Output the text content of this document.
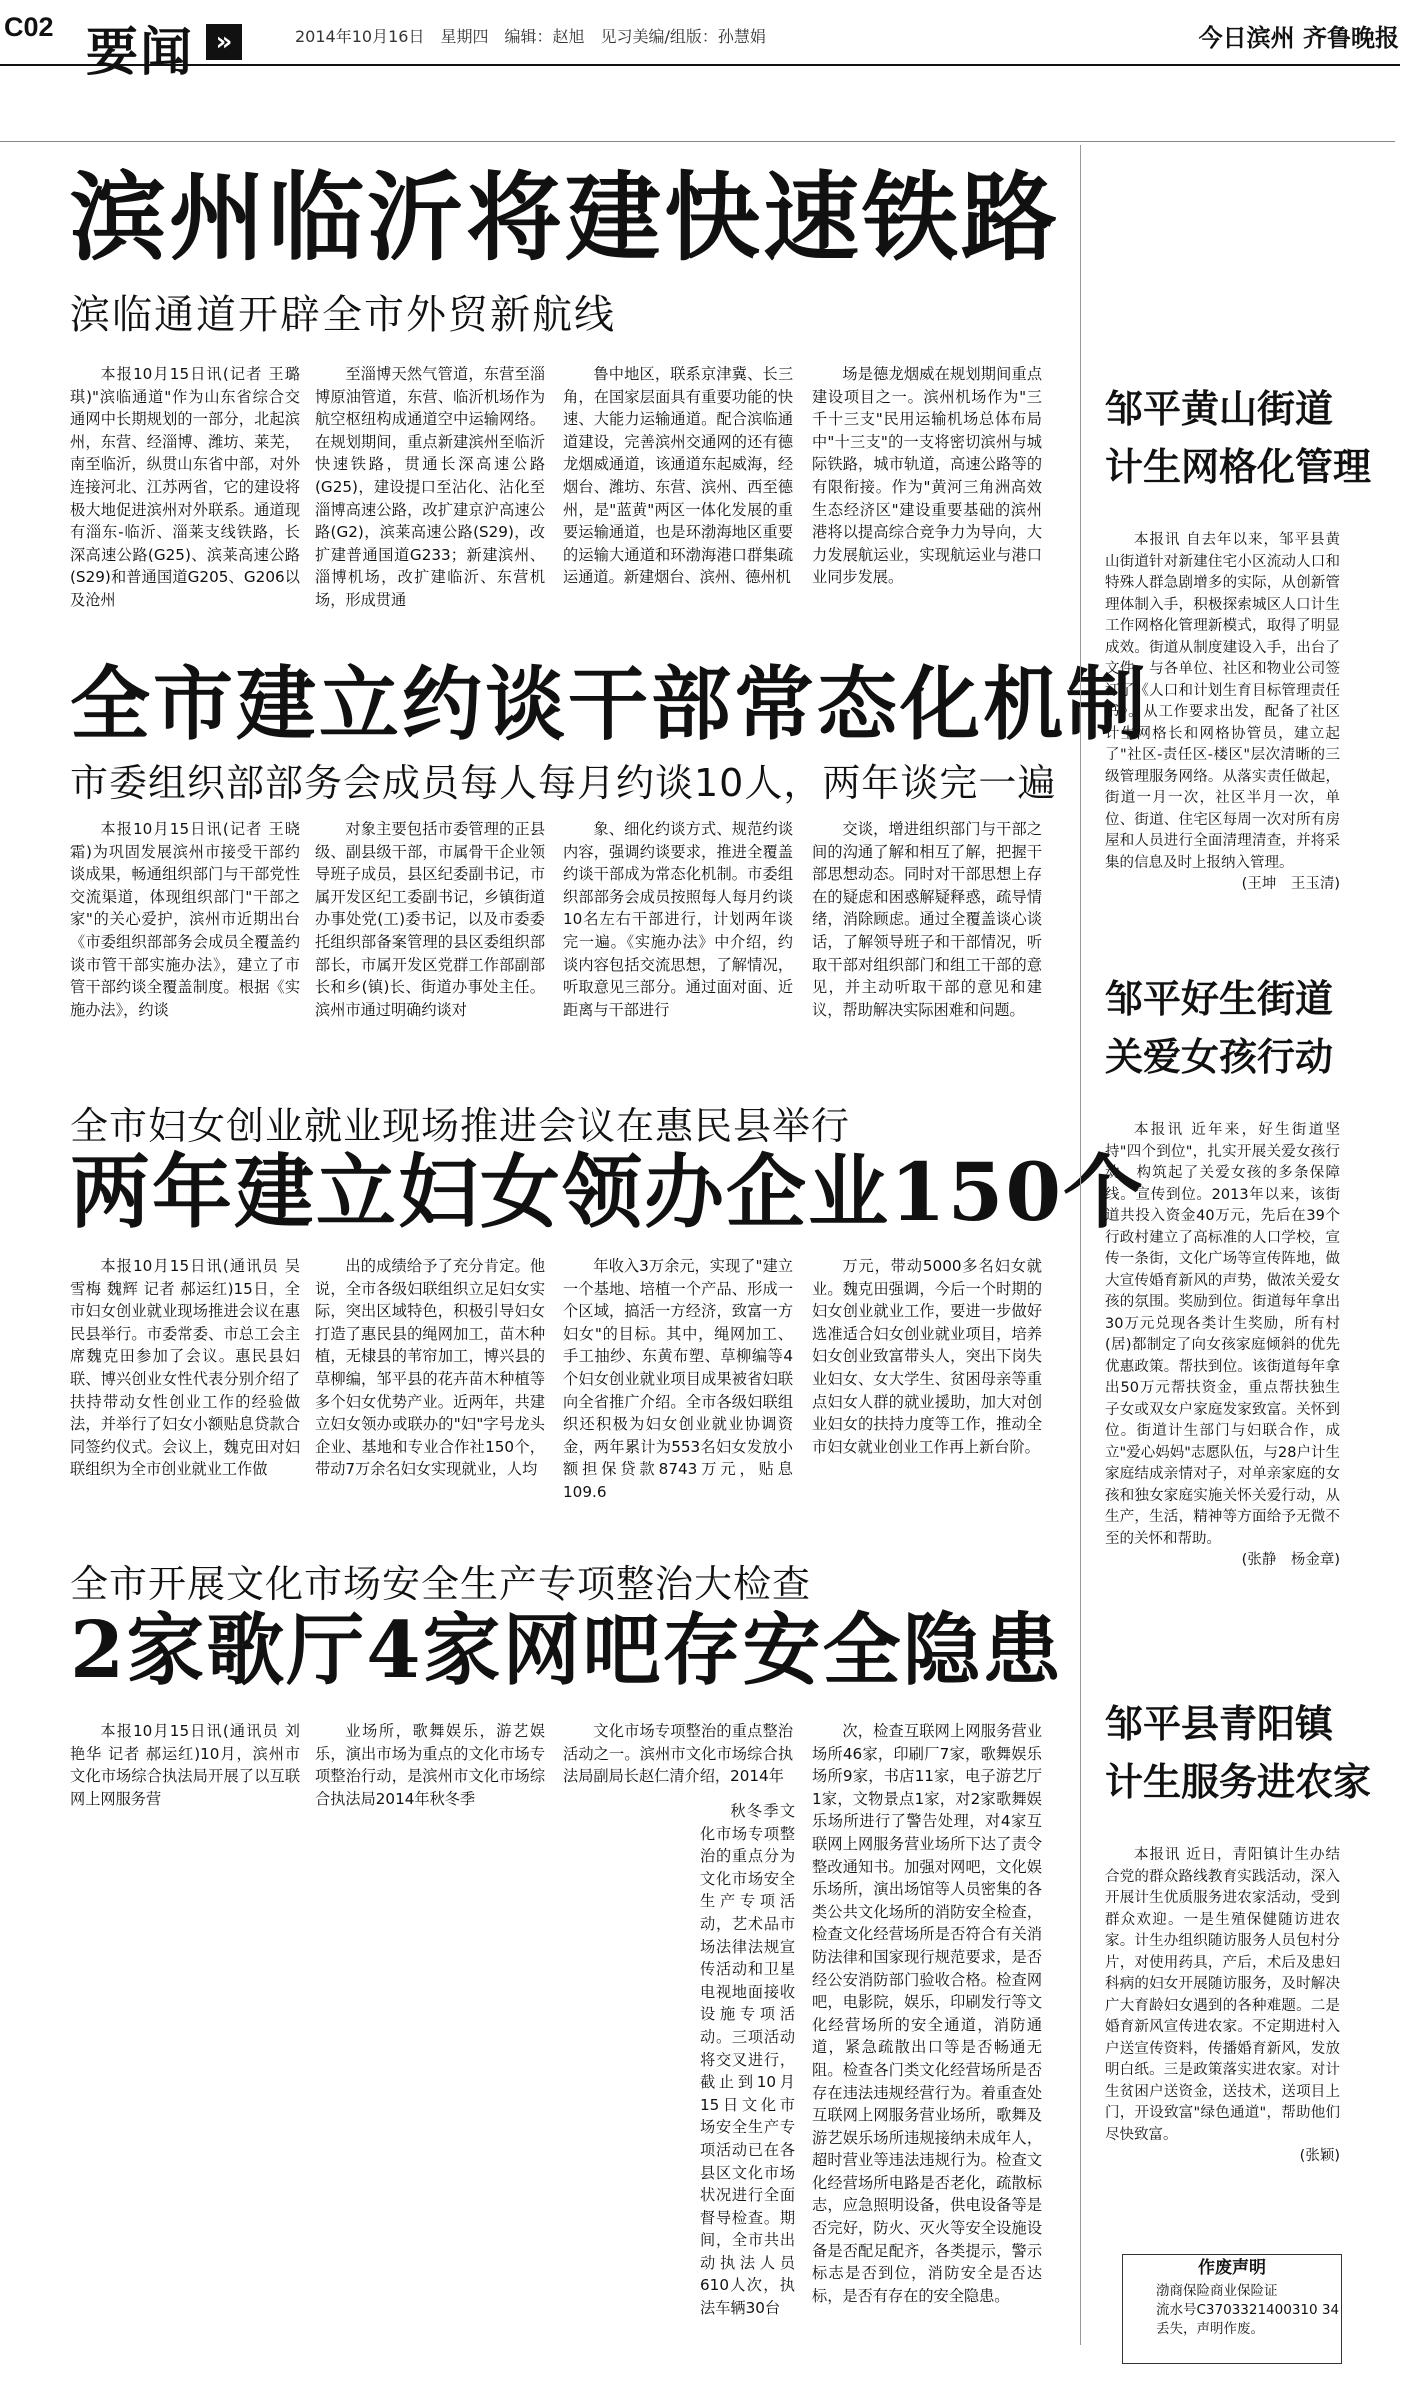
C02 要闻 »	2014年10月16日　星期四　编辑：赵旭　见习美编/组版：孙慧娟	今日滨州 齐鲁晚报
滨州临沂将建快速铁路
滨临通道开辟全市外贸新航线

本报10月15日讯(记者 王璐琪)"滨临通道"作为山东省综合交通网中长期规划的一部分，北起滨州，东营、经淄博、潍坊、莱芜，南至临沂，纵贯山东省中部，对外连接河北、江苏两省，它的建设将极大地促进滨州对外联系。通道现有淄东-临沂、淄莱支线铁路，长深高速公路(G25)、滨莱高速公路(S29)和普通国道G205、G206以及沧州

至淄博天然气管道，东营至淄博原油管道，东营、临沂机场作为航空枢纽构成通道空中运输网络。在规划期间，重点新建滨州至临沂快速铁路，贯通长深高速公路(G25)，建设提口至沾化、沾化至淄博高速公路，改扩建京沪高速公路(G2)，滨莱高速公路(S29)，改扩建普通国道G233；新建滨州、淄博机场，改扩建临沂、东营机场，形成贯通

鲁中地区，联系京津冀、长三角，在国家层面具有重要功能的快速、大能力运输通道。配合滨临通道建设，完善滨州交通网的还有德龙烟威通道，该通道东起威海，经烟台、潍坊、东营、滨州、西至德州，是"蓝黄"两区一体化发展的重要运输通道，也是环渤海地区重要的运输大通道和环渤海港口群集疏运通道。新建烟台、滨州、德州机

场是德龙烟威在规划期间重点建设项目之一。滨州机场作为"三千十三支"民用运输机场总体布局中"十三支"的一支将密切滨州与城际铁路，城市轨道，高速公路等的有限衔接。作为"黄河三角洲高效生态经济区"建设重要基础的滨州港将以提高综合竞争力为导向，大力发展航运业，实现航运业与港口业同步发展。

全市建立约谈干部常态化机制
市委组织部部务会成员每人每月约谈10人，两年谈完一遍

本报10月15日讯(记者 王晓霜)为巩固发展滨州市接受干部约谈成果，畅通组织部门与干部党性交流渠道，体现组织部门"干部之家"的关心爱护，滨州市近期出台《市委组织部部务会成员全覆盖约谈市管干部实施办法》，建立了市管干部约谈全覆盖制度。根据《实施办法》，约谈

对象主要包括市委管理的正县级、副县级干部，市属骨干企业领导班子成员，县区纪委副书记，市属开发区纪工委副书记，乡镇街道办事处党(工)委书记，以及市委委托组织部备案管理的县区委组织部部长，市属开发区党群工作部副部长和乡(镇)长、街道办事处主任。滨州市通过明确约谈对

象、细化约谈方式、规范约谈内容，强调约谈要求，推进全覆盖约谈干部成为常态化机制。市委组织部部务会成员按照每人每月约谈10名左右干部进行，计划两年谈完一遍。《实施办法》中介绍，约谈内容包括交流思想，了解情况，听取意见三部分。通过面对面、近距离与干部进行

交谈，增进组织部门与干部之间的沟通了解和相互了解，把握干部思想动态。同时对干部思想上存在的疑虑和困惑解疑释惑，疏导情绪，消除顾虑。通过全覆盖谈心谈话，了解领导班子和干部情况，听取干部对组织部门和组工干部的意见，并主动听取干部的意见和建议，帮助解决实际困难和问题。

全市妇女创业就业现场推进会议在惠民县举行
两年建立妇女领办企业150个

本报10月15日讯(通讯员 吴雪梅 魏辉 记者 郝运红)15日，全市妇女创业就业现场推进会议在惠民县举行。市委常委、市总工会主席魏克田参加了会议。惠民县妇联、博兴创业女性代表分别介绍了扶持带动女性创业工作的经验做法，并举行了妇女小额贴息贷款合同签约仪式。会议上，魏克田对妇联组织为全市创业就业工作做

出的成绩给予了充分肯定。他说，全市各级妇联组织立足妇女实际，突出区域特色，积极引导妇女打造了惠民县的绳网加工，苗木种植，无棣县的苇帘加工，博兴县的草柳编，邹平县的花卉苗木种植等多个妇女优势产业。近两年，共建立妇女领办或联办的"妇"字号龙头企业、基地和专业合作社150个，带动7万余名妇女实现就业，人均

年收入3万余元，实现了"建立一个基地、培植一个产品、形成一个区域，搞活一方经济，致富一方妇女"的目标。其中，绳网加工、手工抽纱、东黄布塑、草柳编等4个妇女创业就业项目成果被省妇联向全省推广介绍。全市各级妇联组织还积极为妇女创业就业协调资金，两年累计为553名妇女发放小额担保贷款8743万元，贴息109.6

万元，带动5000多名妇女就业。魏克田强调，今后一个时期的妇女创业就业工作，要进一步做好选准适合妇女创业就业项目，培养妇女创业致富带头人，突出下岗失业妇女、女大学生、贫困母亲等重点妇女人群的就业援助，加大对创业妇女的扶持力度等工作，推动全市妇女就业创业工作再上新台阶。

全市开展文化市场安全生产专项整治大检查
2家歌厅4家网吧存安全隐患

本报10月15日讯(通讯员 刘艳华 记者 郝运红)10月，滨州市文化市场综合执法局开展了以互联网上网服务营

业场所，歌舞娱乐，游艺娱乐，演出市场为重点的文化市场专项整治行动，是滨州市文化市场综合执法局2014年秋冬季

文化市场专项整治的重点整治活动之一。滨州市文化市场综合执法局副局长赵仁清介绍，2014年

秋冬季文化市场专项整治的重点分为文化市场安全生产专项活动，艺术品市场法律法规宣传活动和卫星电视地面接收设施专项活动。三项活动将交叉进行，截止到10月15日文化市场安全生产专项活动已在各县区文化市场状况进行全面督导检查。期间，全市共出动执法人员610人次，执法车辆30台

次，检查互联网上网服务营业场所46家，印刷厂7家，歌舞娱乐场所9家，书店11家，电子游艺厅1家，文物景点1家，对2家歌舞娱乐场所进行了警告处理，对4家互联网上网服务营业场所下达了责令整改通知书。加强对网吧，文化娱乐场所，演出场馆等人员密集的各类公共文化场所的消防安全检查，检查文化经营场所是否符合有关消防法律和国家现行规范要求，是否经公安消防部门验收合格。检查网吧，电影院，娱乐，印刷发行等文化经营场所的安全通道，消防通道，紧急疏散出口等是否畅通无阻。检查各门类文化经营场所是否存在违法违规经营行为。着重查处互联网上网服务营业场所，歌舞及游艺娱乐场所违规接纳未成年人，超时营业等违法违规行为。检查文化经营场所电路是否老化，疏散标志，应急照明设备，供电设备等是否完好，防火、灭火等安全设施设备是否配足配齐，各类提示，警示标志是否到位，消防安全是否达标，是否有存在的安全隐患。

邹平黄山街道
计生网格化管理

本报讯 自去年以来，邹平县黄山街道针对新建住宅小区流动人口和特殊人群急剧增多的实际，从创新管理体制入手，积极探索城区人口计生工作网格化管理新模式，取得了明显成效。街道从制度建设入手，出台了文件，与各单位、社区和物业公司签订了《人口和计划生育目标管理责任书》。从工作要求出发，配备了社区计生网格长和网格协管员，建立起了"社区-责任区-楼区"层次清晰的三级管理服务网络。从落实责任做起，街道一月一次，社区半月一次，单位、街道、住宅区每周一次对所有房屋和人员进行全面清理清查，并将采集的信息及时上报纳入管理。

(王坤　王玉清)
邹平好生街道
关爱女孩行动

本报讯 近年来，好生街道坚持"四个到位"，扎实开展关爱女孩行动，构筑起了关爱女孩的多条保障线。宣传到位。2013年以来，该街道共投入资金40万元，先后在39个行政村建立了高标准的人口学校，宣传一条街，文化广场等宣传阵地，做大宣传婚育新风的声势，做浓关爱女孩的氛围。奖励到位。街道每年拿出30万元兑现各类计生奖励，所有村(居)都制定了向女孩家庭倾斜的优先优惠政策。帮扶到位。该街道每年拿出50万元帮扶资金，重点帮扶独生子女或双女户家庭发家致富。关怀到位。街道计生部门与妇联合作，成立"爱心妈妈"志愿队伍，与28户计生家庭结成亲情对子，对单亲家庭的女孩和独女家庭实施关怀关爱行动，从生产，生活，精神等方面给予无微不至的关怀和帮助。

(张静　杨金章)
邹平县青阳镇
计生服务进农家

本报讯 近日，青阳镇计生办结合党的群众路线教育实践活动，深入开展计生优质服务进农家活动，受到群众欢迎。一是生殖保健随访进农家。计生办组织随访服务人员包村分片，对使用药具，产后，术后及患妇科病的妇女开展随访服务，及时解决广大育龄妇女遇到的各种难题。二是婚育新风宣传进农家。不定期进村入户送宣传资料，传播婚育新风，发放明白纸。三是政策落实进农家。对计生贫困户送资金，送技术，送项目上门，开设致富"绿色通道"，帮助他们尽快致富。

(张颖)
作废声明
渤商保险商业保险证
流水号C3703321400310 34
丢失，声明作废。
